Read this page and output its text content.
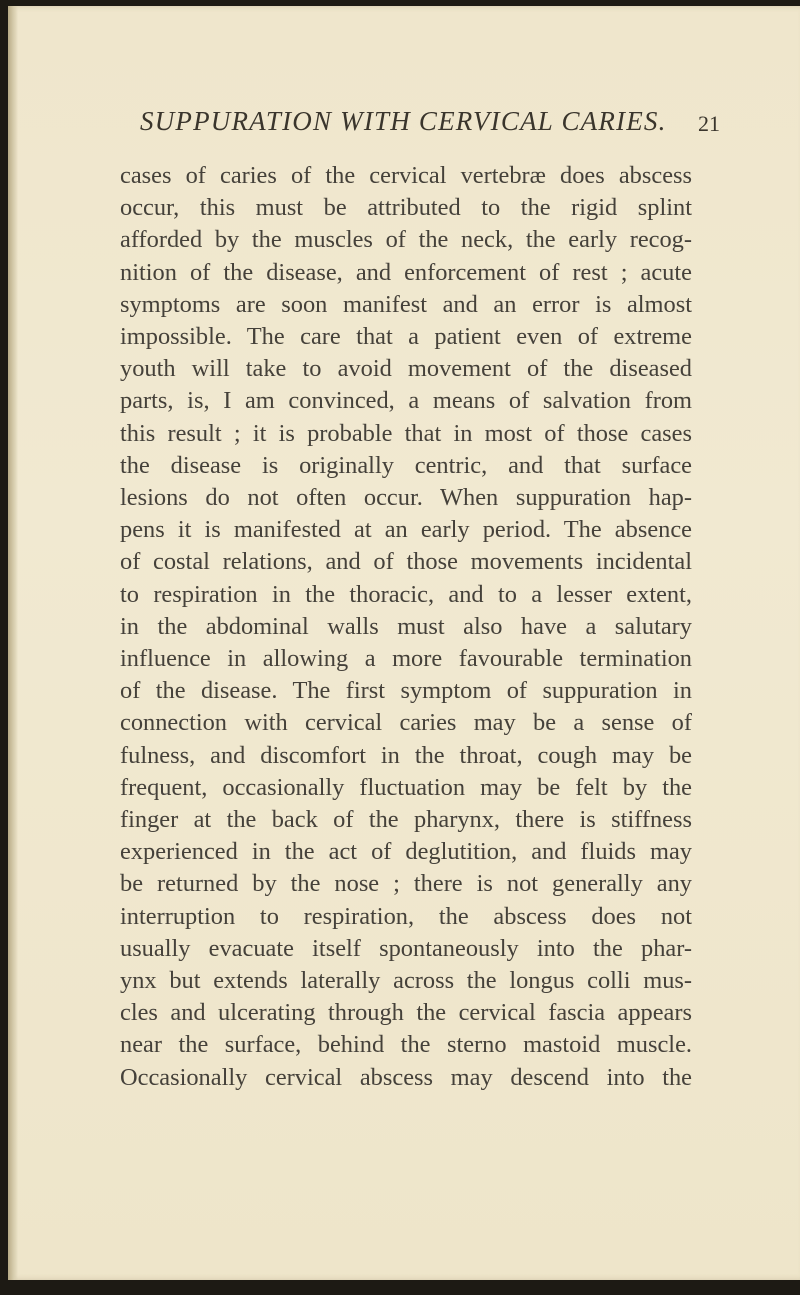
SUPPURATION WITH CERVICAL CARIES. 21
cases of caries of the cervical vertebræ does abscess
occur, this must be attributed to the rigid splint
afforded by the muscles of the neck, the early recog-
nition of the disease, and enforcement of rest ; acute
symptoms are soon manifest and an error is almost
impossible. The care that a patient even of extreme
youth will take to avoid movement of the diseased
parts, is, I am convinced, a means of salvation from
this result ; it is probable that in most of those cases
the disease is originally centric, and that surface
lesions do not often occur. When suppuration hap-
pens it is manifested at an early period. The absence
of costal relations, and of those movements incidental
to respiration in the thoracic, and to a lesser extent,
in the abdominal walls must also have a salutary
influence in allowing a more favourable termination
of the disease. The first symptom of suppuration in
connection with cervical caries may be a sense of
fulness, and discomfort in the throat, cough may be
frequent, occasionally fluctuation may be felt by the
finger at the back of the pharynx, there is stiffness
experienced in the act of deglutition, and fluids may
be returned by the nose ; there is not generally any
interruption to respiration, the abscess does not
usually evacuate itself spontaneously into the phar-
ynx but extends laterally across the longus colli mus-
cles and ulcerating through the cervical fascia appears
near the surface, behind the sterno mastoid muscle.
Occasionally cervical abscess may descend into the
